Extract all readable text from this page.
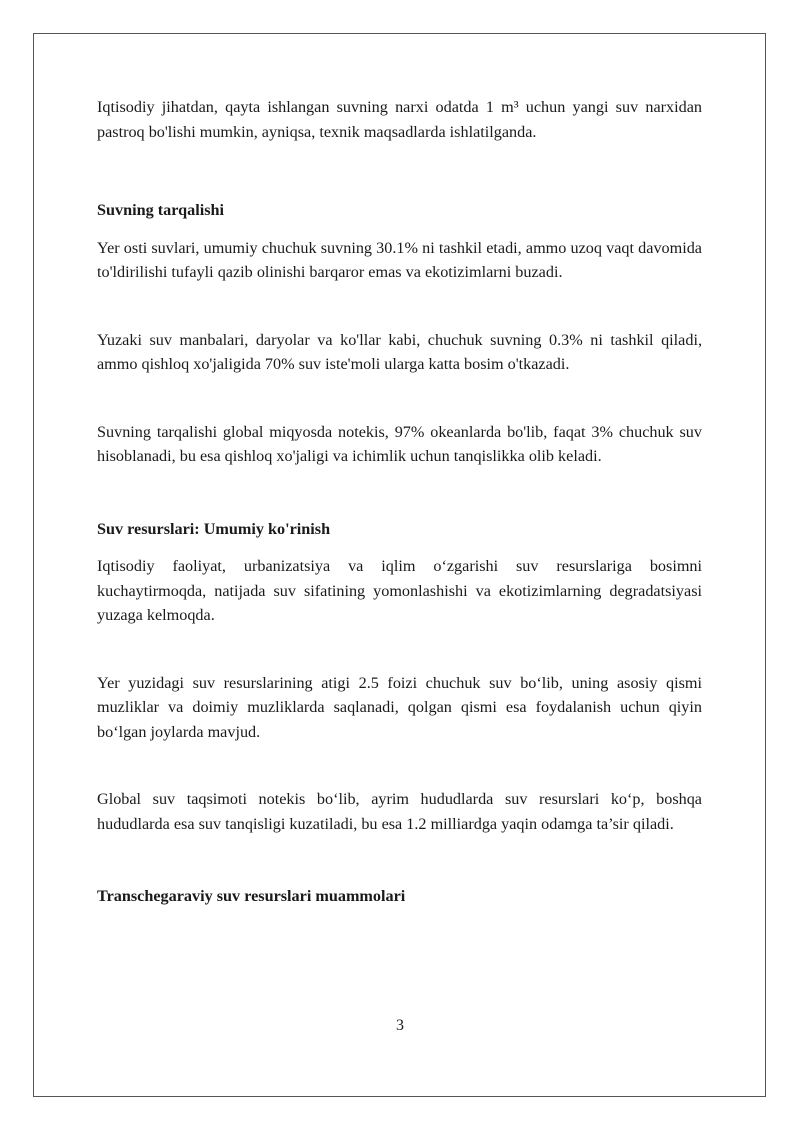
Iqtisodiy jihatdan, qayta ishlangan suvning narxi odatda 1 m³ uchun yangi suv narxidan pastroq bo'lishi mumkin, ayniqsa, texnik maqsadlarda ishlatilganda.

Suvning tarqalishi

Yer osti suvlari, umumiy chuchuk suvning 30.1% ni tashkil etadi, ammo uzoq vaqt davomida to'ldirilishi tufayli qazib olinishi barqaror emas va ekotizimlarni buzadi.

Yuzaki suv manbalari, daryolar va ko'llar kabi, chuchuk suvning 0.3% ni tashkil qiladi, ammo qishloq xo'jaligida 70% suv iste'moli ularga katta bosim o'tkazadi.

Suvning tarqalishi global miqyosda notekis, 97% okeanlarda bo'lib, faqat 3% chuchuk suv hisoblanadi, bu esa qishloq xo'jaligi va ichimlik uchun tanqislikka olib keladi.

Suv resurslari: Umumiy ko'rinish

Iqtisodiy faoliyat, urbanizatsiya va iqlim o‘zgarishi suv resurslariga bosimni kuchaytirmoqda, natijada suv sifatining yomonlashishi va ekotizimlarning degradatsiyasi yuzaga kelmoqda.

Yer yuzidagi suv resurslarining atigi 2.5 foizi chuchuk suv bo‘lib, uning asosiy qismi muzliklar va doimiy muzliklarda saqlanadi, qolgan qismi esa foydalanish uchun qiyin bo‘lgan joylarda mavjud.

Global suv taqsimoti notekis bo‘lib, ayrim hududlarda suv resurslari ko‘p, boshqa hududlarda esa suv tanqisligi kuzatiladi, bu esa 1.2 milliardga yaqin odamga ta’sir qiladi.

Transchegaraviy suv resurslari muammolari
3
